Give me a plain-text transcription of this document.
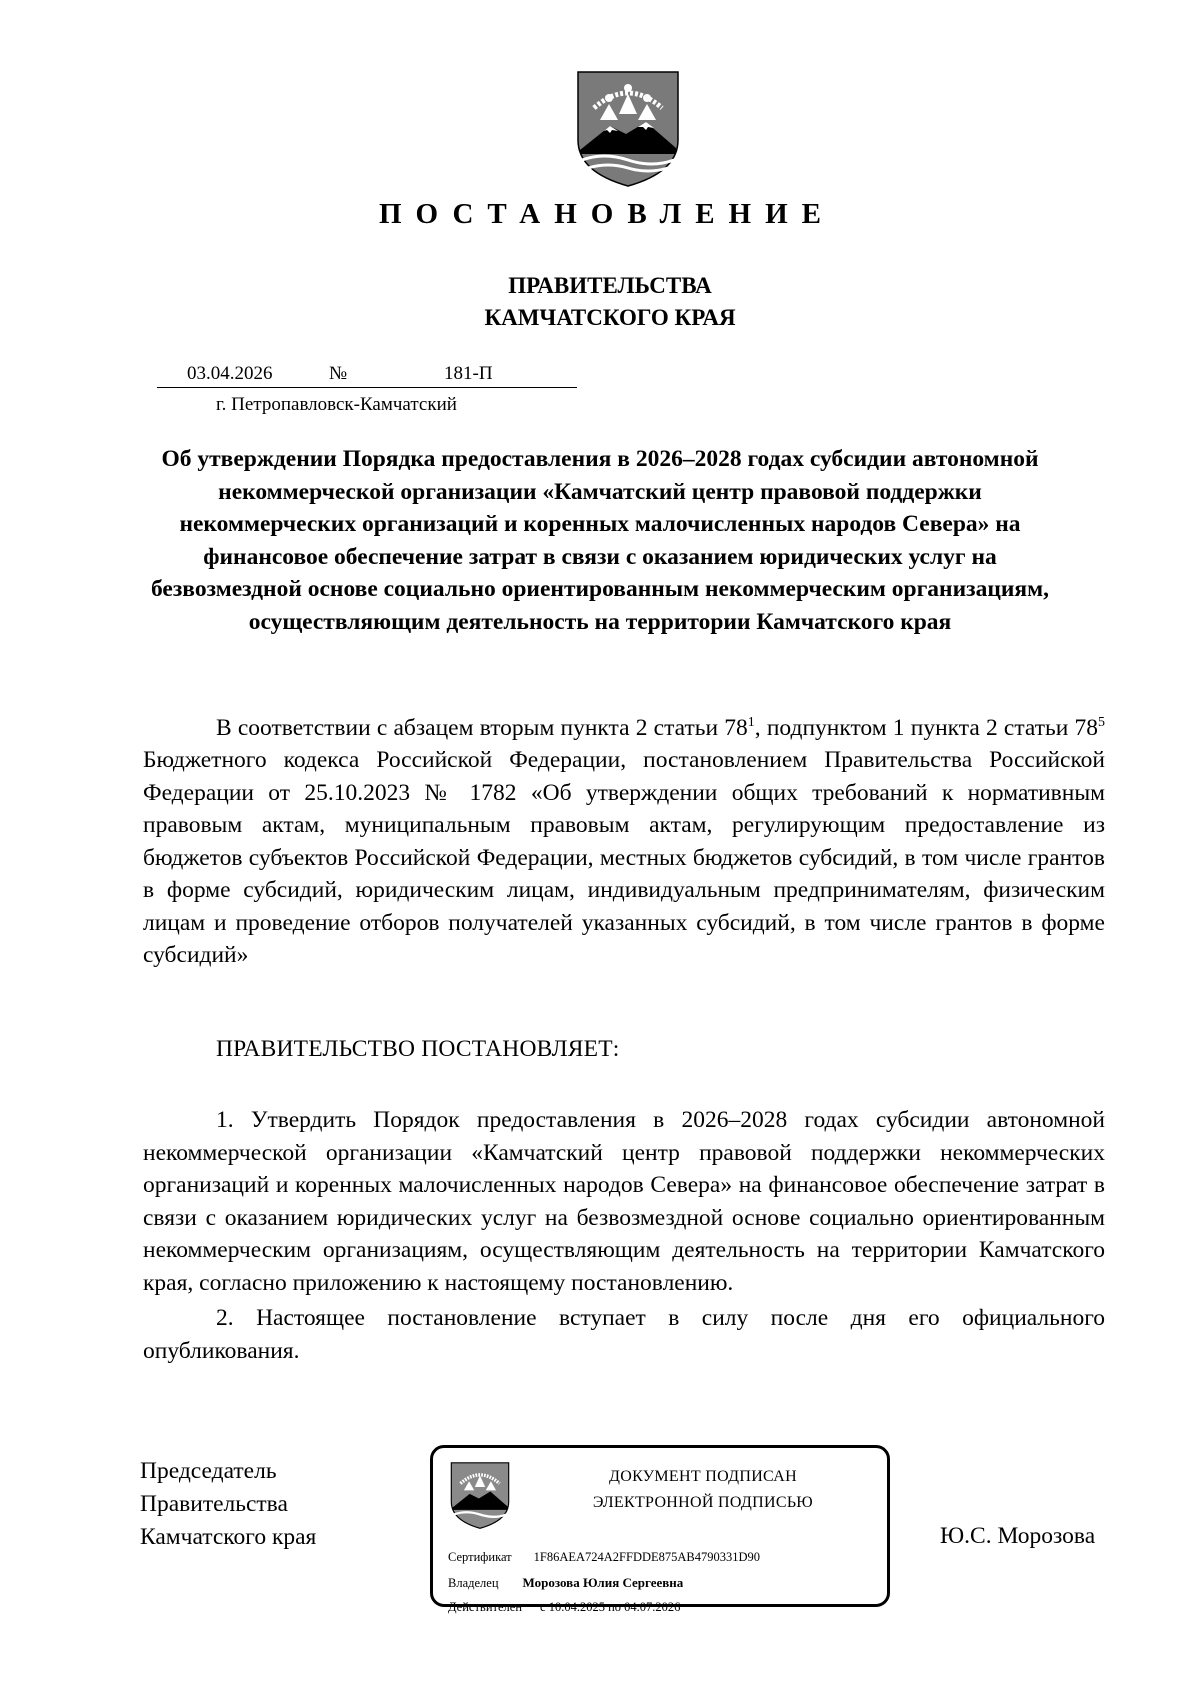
ПОСТАНОВЛЕНИЕ
ПРАВИТЕЛЬСТВА
КАМЧАТСКОГО КРАЯ
03.04.2026	№	181-П
г. Петропавловск-Камчатский
Об утверждении Порядка предоставления в 2026–2028 годах субсидии автономной некоммерческой организации «Камчатский центр правовой поддержки некоммерческих организаций и коренных малочисленных народов Севера» на финансовое обеспечение затрат в связи с оказанием юридических услуг на безвозмездной основе социально ориентированным некоммерческим организациям, осуществляющим деятельность на территории Камчатского края
В соответствии с абзацем вторым пункта 2 статьи $78^1$, подпунктом 1 пункта 2 статьи $78^5$ Бюджетного кодекса Российской Федерации, постановлением Правительства Российской Федерации от 25.10.2023 № 1782 «Об утверждении общих требований к нормативным правовым актам, муниципальным правовым актам, регулирующим предоставление из бюджетов субъектов Российской Федерации, местных бюджетов субсидий, в том числе грантов в форме субсидий, юридическим лицам, индивидуальным предпринимателям, физическим лицам и проведение отборов получателей указанных субсидий, в том числе грантов в форме субсидий»
ПРАВИТЕЛЬСТВО ПОСТАНОВЛЯЕТ:
1. Утвердить Порядок предоставления в 2026–2028 годах субсидии автономной некоммерческой организации «Камчатский центр правовой поддержки некоммерческих организаций и коренных малочисленных народов Севера» на финансовое обеспечение затрат в связи с оказанием юридических услуг на безвозмездной основе социально ориентированным некоммерческим организациям, осуществляющим деятельность на территории Камчатского края, согласно приложению к настоящему постановлению.
2. Настоящее постановление вступает в силу после дня его официального опубликования.
Председатель
Правительства
Камчатского края
ДОКУМЕНТ ПОДПИСАН
ЭЛЕКТРОННОЙ ПОДПИСЬЮ
Сертификат 1F86AEA724A2FFDDE875AB4790331D90
Владелец Морозова Юлия Сергеевна
Действителен с 10.04.2025 по 04.07.2026
Ю.С. Морозова
